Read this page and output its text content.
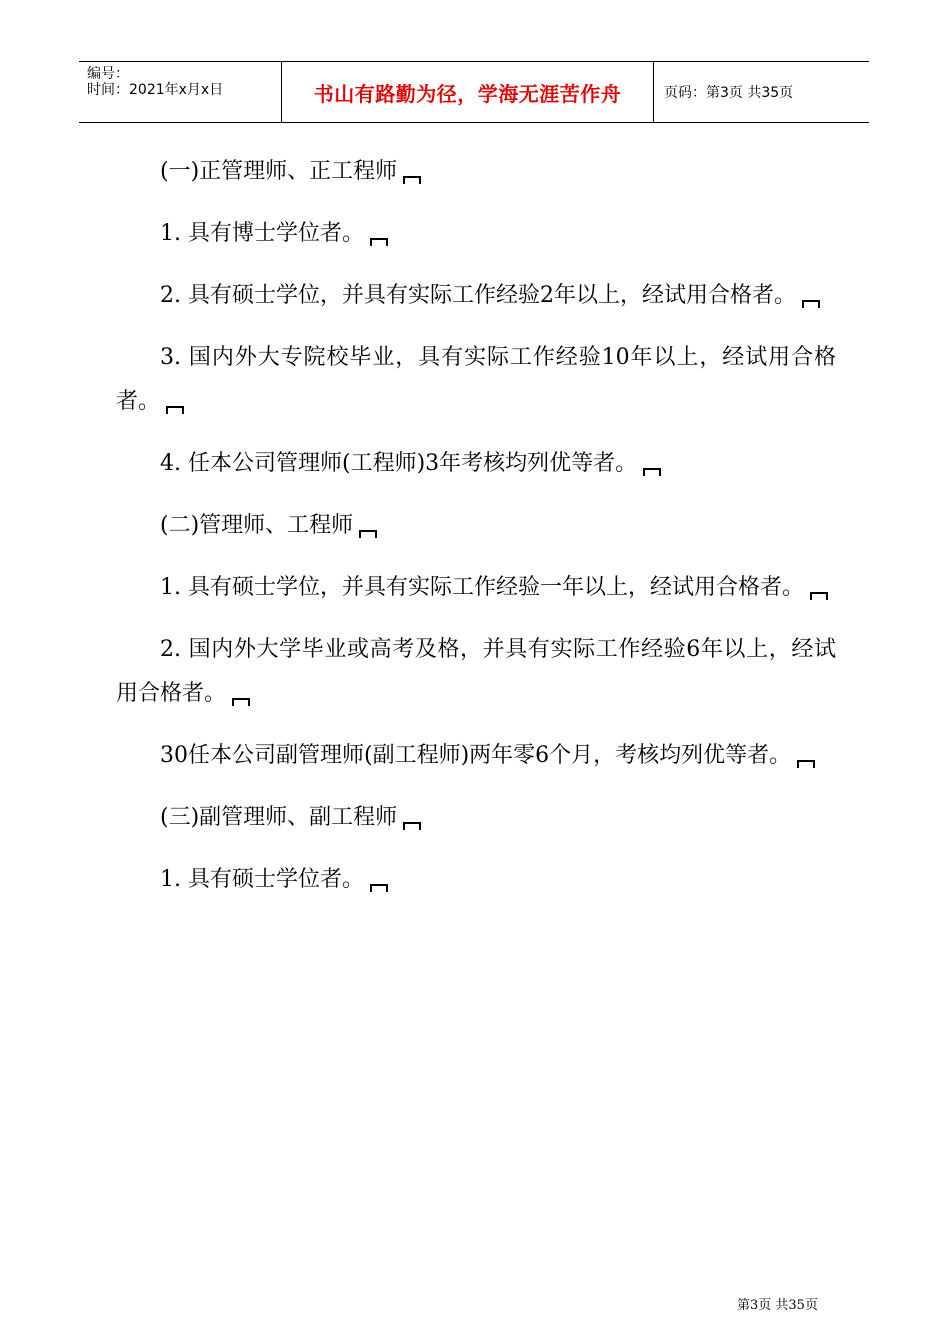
编号：
时间：2021年x月x日	书山有路勤为径，学海无涯苦作舟	页码：第3页 共35页

(一)正管理师、正工程师

1. 具有博士学位者。

2. 具有硕士学位，并具有实际工作经验2年以上，经试用合格者。

3. 国内外大专院校毕业，具有实际工作经验10年以上，经试用合格者。

4. 任本公司管理师(工程师)3年考核均列优等者。

(二)管理师、工程师

1. 具有硕士学位，并具有实际工作经验一年以上，经试用合格者。

2. 国内外大学毕业或高考及格，并具有实际工作经验6年以上，经试用合格者。

30任本公司副管理师(副工程师)两年零6个月，考核均列优等者。

(三)副管理师、副工程师

1. 具有硕士学位者。

第3页 共35页
